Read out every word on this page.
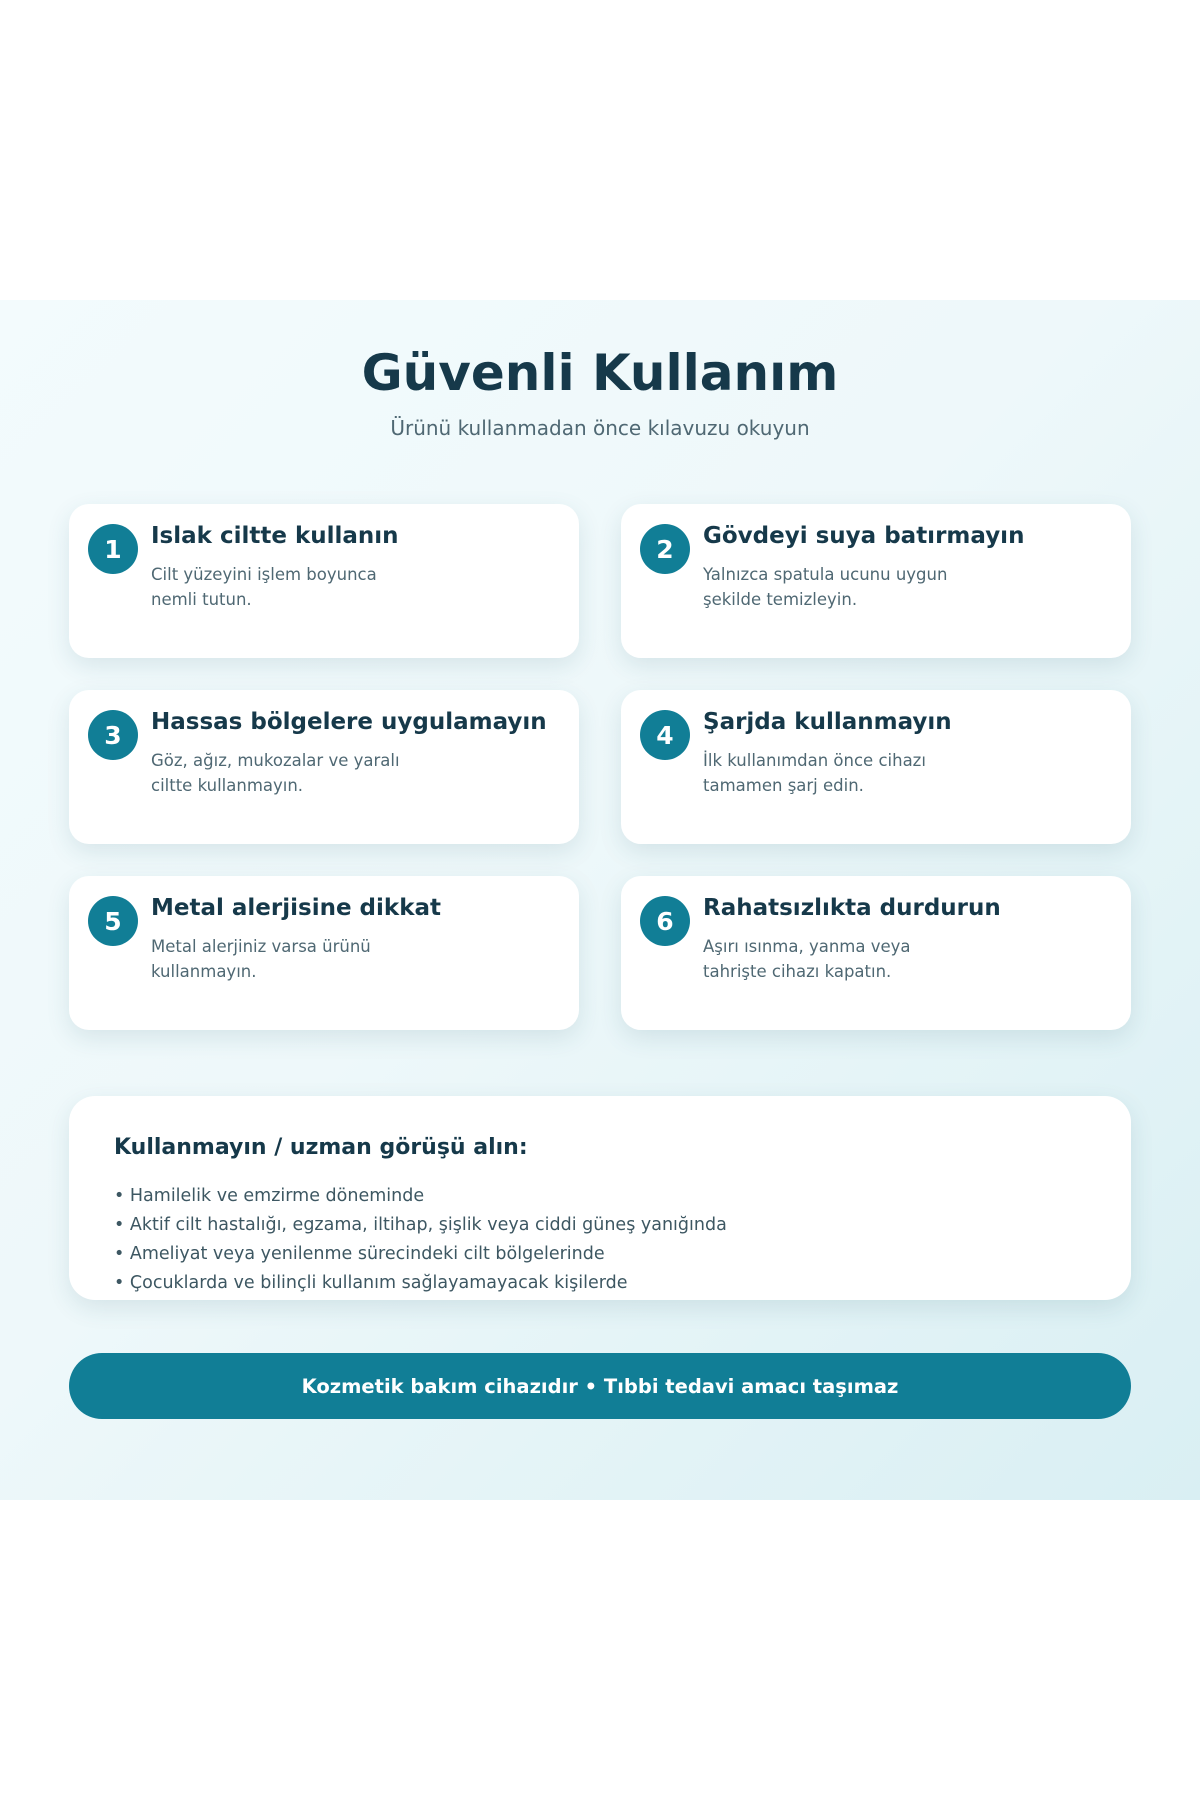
Güvenli Kullanım

Ürünü kullanmadan önce kılavuzu okuyun

1	Islak ciltte kullanın
Cilt yüzeyini işlem boyunca nemli tutun.
2	Gövdeyi suya batırmayın
Yalnızca spatula ucunu uygun şekilde temizleyin.
3	Hassas bölgelere uygulamayın
Göz, ağız, mukozalar ve yaralı ciltte kullanmayın.
4	Şarjda kullanmayın
İlk kullanımdan önce cihazı tamamen şarj edin.
5	Metal alerjisine dikkat
Metal alerjiniz varsa ürünü kullanmayın.
6	Rahatsızlıkta durdurun
Aşırı ısınma, yanma veya tahrişte cihazı kapatın.
Kullanmayın / uzman görüşü alın:
• Hamilelik ve emzirme döneminde
• Aktif cilt hastalığı, egzama, iltihap, şişlik veya ciddi güneş yanığında
• Ameliyat veya yenilenme sürecindeki cilt bölgelerinde
• Çocuklarda ve bilinçli kullanım sağlayamayacak kişilerde
Kozmetik bakım cihazıdır • Tıbbi tedavi amacı taşımaz
